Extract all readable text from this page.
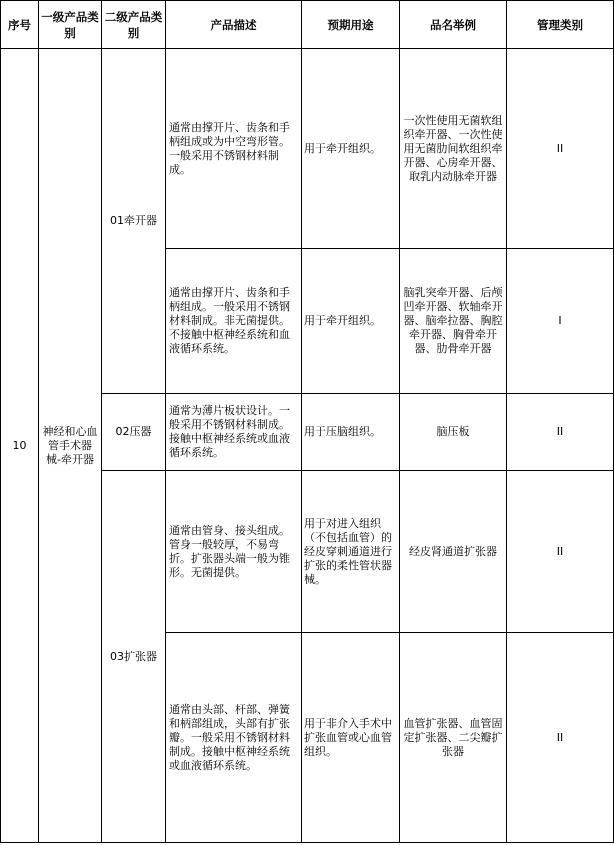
序号	一级产品类别	二级产品类别	产品描述	预期用途	品名举例	管理类别
10	神经和心血管手术器械-牵开器	01牵开器	通常由撑开片、齿条和手柄组成或为中空弯形管。一般采用不锈钢材料制成。	用于牵开组织。	一次性使用无菌软组织牵开器、一次性使用无菌肋间软组织牵开器、心房牵开器、取乳内动脉牵开器	II
			通常由撑开片、齿条和手柄组成。一般采用不锈钢材料制成。非无菌提供。不接触中枢神经系统和血液循环系统。	用于牵开组织。	脑乳突牵开器、后颅凹牵开器、软轴牵开器、脑牵拉器、胸腔牵开器、胸骨牵开器、肋骨牵开器	I
		02压器	通常为薄片板状设计。一般采用不锈钢材料制成。接触中枢神经系统或血液循环系统。	用于压脑组织。	脑压板	II
		03扩张器	通常由管身、接头组成。管身一般较厚，不易弯折。扩张器头端一般为锥形。无菌提供。	用于对进入组织（不包括血管）的经皮穿刺通道进行扩张的柔性管状器械。	经皮肾通道扩张器	II
			通常由头部、杆部、弹簧和柄部组成，头部有扩张瓣。一般采用不锈钢材料制成。接触中枢神经系统或血液循环系统。	用于非介入手术中扩张血管或心血管组织。	血管扩张器、血管固定扩张器、二尖瓣扩张器	II
